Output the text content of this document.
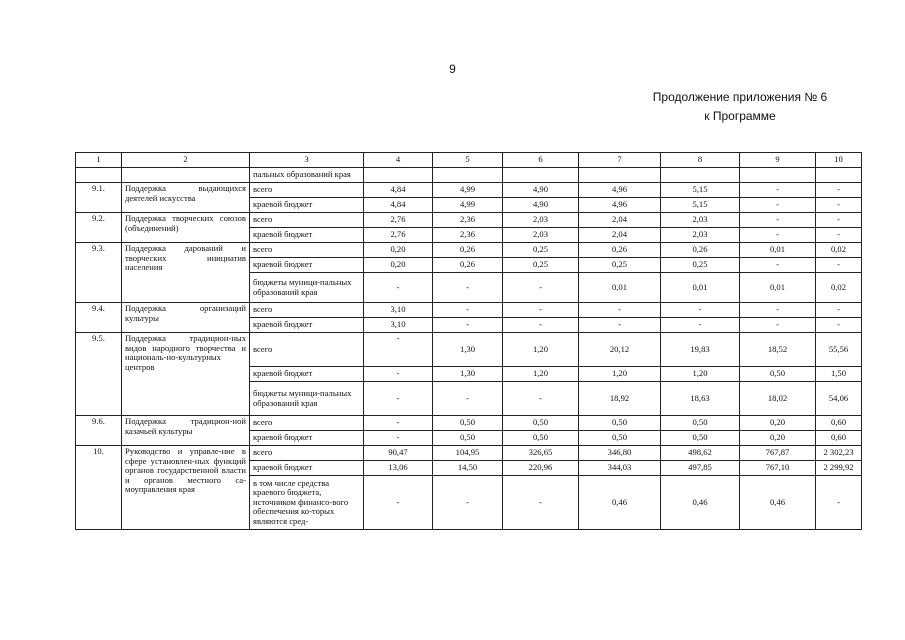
9
Продолжение приложения № 6
к Программе
1	2	3	4	5	6	7	8	9	10
		пальных образований края							
9.1.	Поддержка выдающихся деятелей искусства	всего	4,84	4,99	4,90	4,96	5,15	-	-
		краевой бюджет	4,84	4,99	4,90	4,96	5,15	-	-
9.2.	Поддержка творческих союзов (объединений)	всего	2,76	2,36	2,03	2,04	2,03	-	-
		краевой бюджет	2,76	2,36	2,03	2,04	2,03	-	-
9.3.	Поддержка дарований и творческих инициатив населения	всего	0,20	0,26	0,25	0,26	0,26	0,01	0,02
		краевой бюджет	0,20	0,26	0,25	0,25	0,25	-	-
		бюджеты муници-пальных образований края	-	-	-	0,01	0,01	0,01	0,02
9.4.	Поддержка организаций культуры	всего	3,10	-	-	-	-	-	-
		краевой бюджет	3,10	-	-	-	-	-	-
9.5.	Поддержка традицион-ных видов народного творчества и националь-но-культурных центров	всего	-	1,30	1,20	20,12	19,83	18,52	55,56
		краевой бюджет	-	1,30	1,20	1,20	1,20	0,50	1,50
		бюджеты муници-пальных образований края	-	-	-	18,92	18,63	18,02	54,06
9.6.	Поддержка традицион-ной казачьей культуры	всего	-	0,50	0,50	0,50	0,50	0,20	0,60
		краевой бюджет	-	0,50	0,50	0,50	0,50	0,20	0,60
10.	Руководство и управле-ние в сфере установлен-ных функций органов государственной власти и органов местного са-моуправления края	всего	90,47	104,95	326,65	346,80	498,62	767,87	2 302,23
		краевой бюджет	13,06	14,50	220,96	344,03	497,85	767,10	2 299,92
		в том числе средства краевого бюджета, источником финансо-вого обеспечения ко-торых являются сред-	-	-	-	0,46	0,46	0,46	-
